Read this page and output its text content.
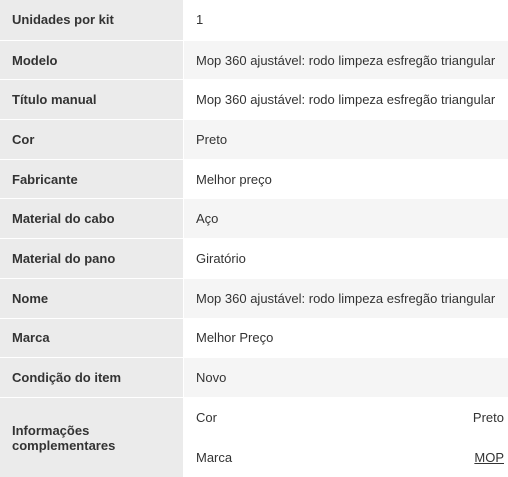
Unidades por kit	1
Modelo	Mop 360 ajustável: rodo limpeza esfregão triangular
Título manual	Mop 360 ajustável: rodo limpeza esfregão triangular
Cor	Preto
Fabricante	Melhor preço
Material do cabo	Aço
Material do pano	Giratório
Nome	Mop 360 ajustável: rodo limpeza esfregão triangular
Marca	Melhor Preço
Condição do item	Novo
Informações complementares	
Cor	Preto
Marca	MOP
